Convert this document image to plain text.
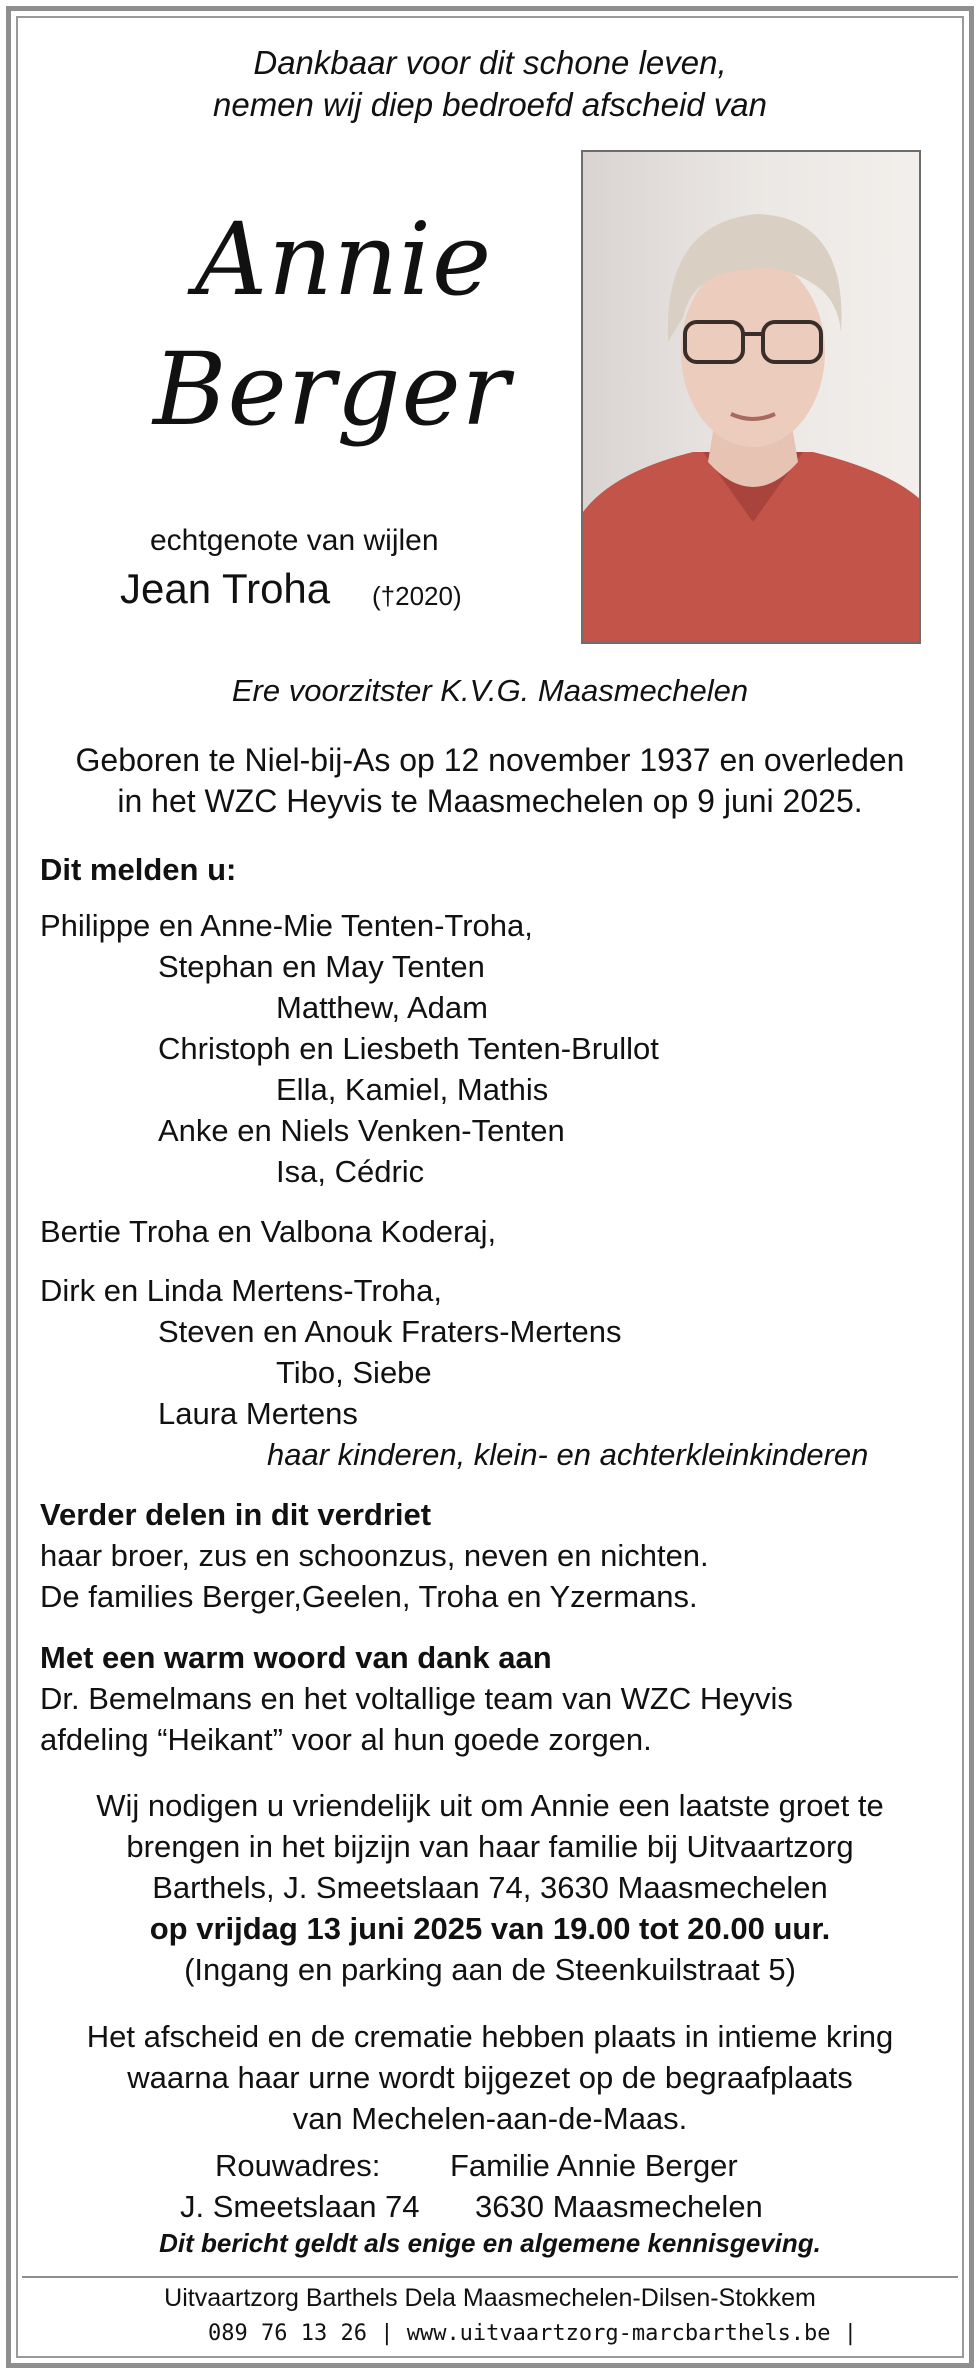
Dankbaar voor dit schone leven,
nemen wij diep bedroefd afscheid van
Annie
Berger
echtgenote van wijlen
Jean Troha (†2020)
Ere voorzitster K.V.G. Maasmechelen
Geboren te Niel-bij-As op 12 november 1937 en overleden
in het WZC Heyvis te Maasmechelen op 9 juni 2025.
Dit melden u:
Philippe en Anne-Mie Tenten-Troha,
Stephan en May Tenten
Matthew, Adam
Christoph en Liesbeth Tenten-Brullot
Ella, Kamiel, Mathis
Anke en Niels Venken-Tenten
Isa, Cédric
Bertie Troha en Valbona Koderaj,
Dirk en Linda Mertens-Troha,
Steven en Anouk Fraters-Mertens
Tibo, Siebe
Laura Mertens
haar kinderen, klein- en achterkleinkinderen
Verder delen in dit verdriet
haar broer, zus en schoonzus, neven en nichten.
De families Berger,Geelen, Troha en Yzermans.
Met een warm woord van dank aan
Dr. Bemelmans en het voltallige team van WZC Heyvis
afdeling “Heikant” voor al hun goede zorgen.
Wij nodigen u vriendelijk uit om Annie een laatste groet te
brengen in het bijzijn van haar familie bij Uitvaartzorg
Barthels, J. Smeetslaan 74, 3630 Maasmechelen
op vrijdag 13 juni 2025 van 19.00 tot 20.00 uur.
(Ingang en parking aan de Steenkuilstraat 5)
Het afscheid en de crematie hebben plaats in intieme kring
waarna haar urne wordt bijgezet op de begraafplaats
van Mechelen-aan-de-Maas.
Rouwadres: Familie Annie Berger
J. Smeetslaan 74 3630 Maasmechelen
Dit bericht geldt als enige en algemene kennisgeving.
Uitvaartzorg Barthels Dela Maasmechelen-Dilsen-Stokkem
089 76 13 26 | www.uitvaartzorg-marcbarthels.be |
